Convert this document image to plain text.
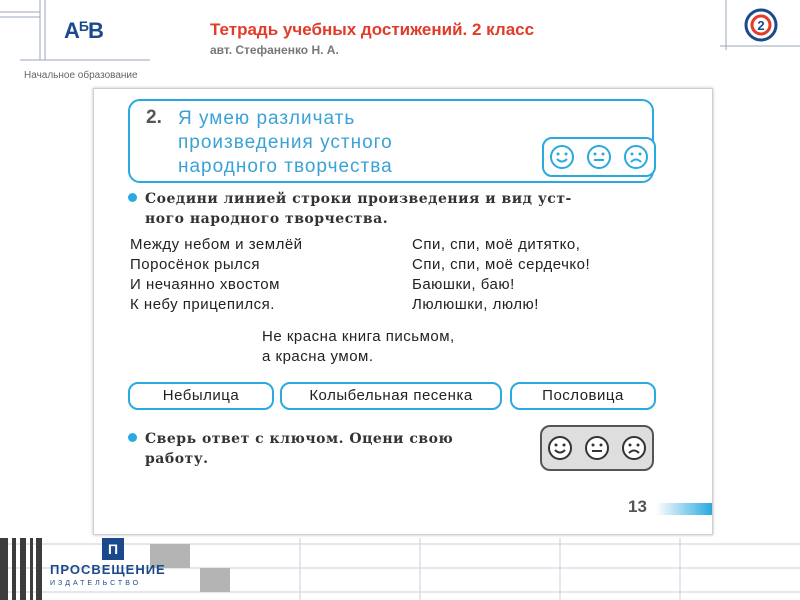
$А^БВ$
Начальное образование
Тетрадь учебных достижений. 2 класс
авт. Стефаненко Н. А.
2
2. Я умею различать
произведения устного
народного творчества
Соедини линией строки произведения и вид уст-
ного народного творчества.
Между небом и землёй
Поросёнок рылся
И нечаянно хвостом
К небу прицепился.
Спи, спи, моё дитятко,
Спи, спи, моё сердечко!
Баюшки, баю!
Люлюшки, люлю!
Не красна книга письмом,
а красна умом.
Небылица	Колыбельная песенка	Пословица
Сверь ответ с ключом. Оцени свою
работу.
13
П
ПРОСВЕЩЕНИЕ
ИЗДАТЕЛЬСТВО
